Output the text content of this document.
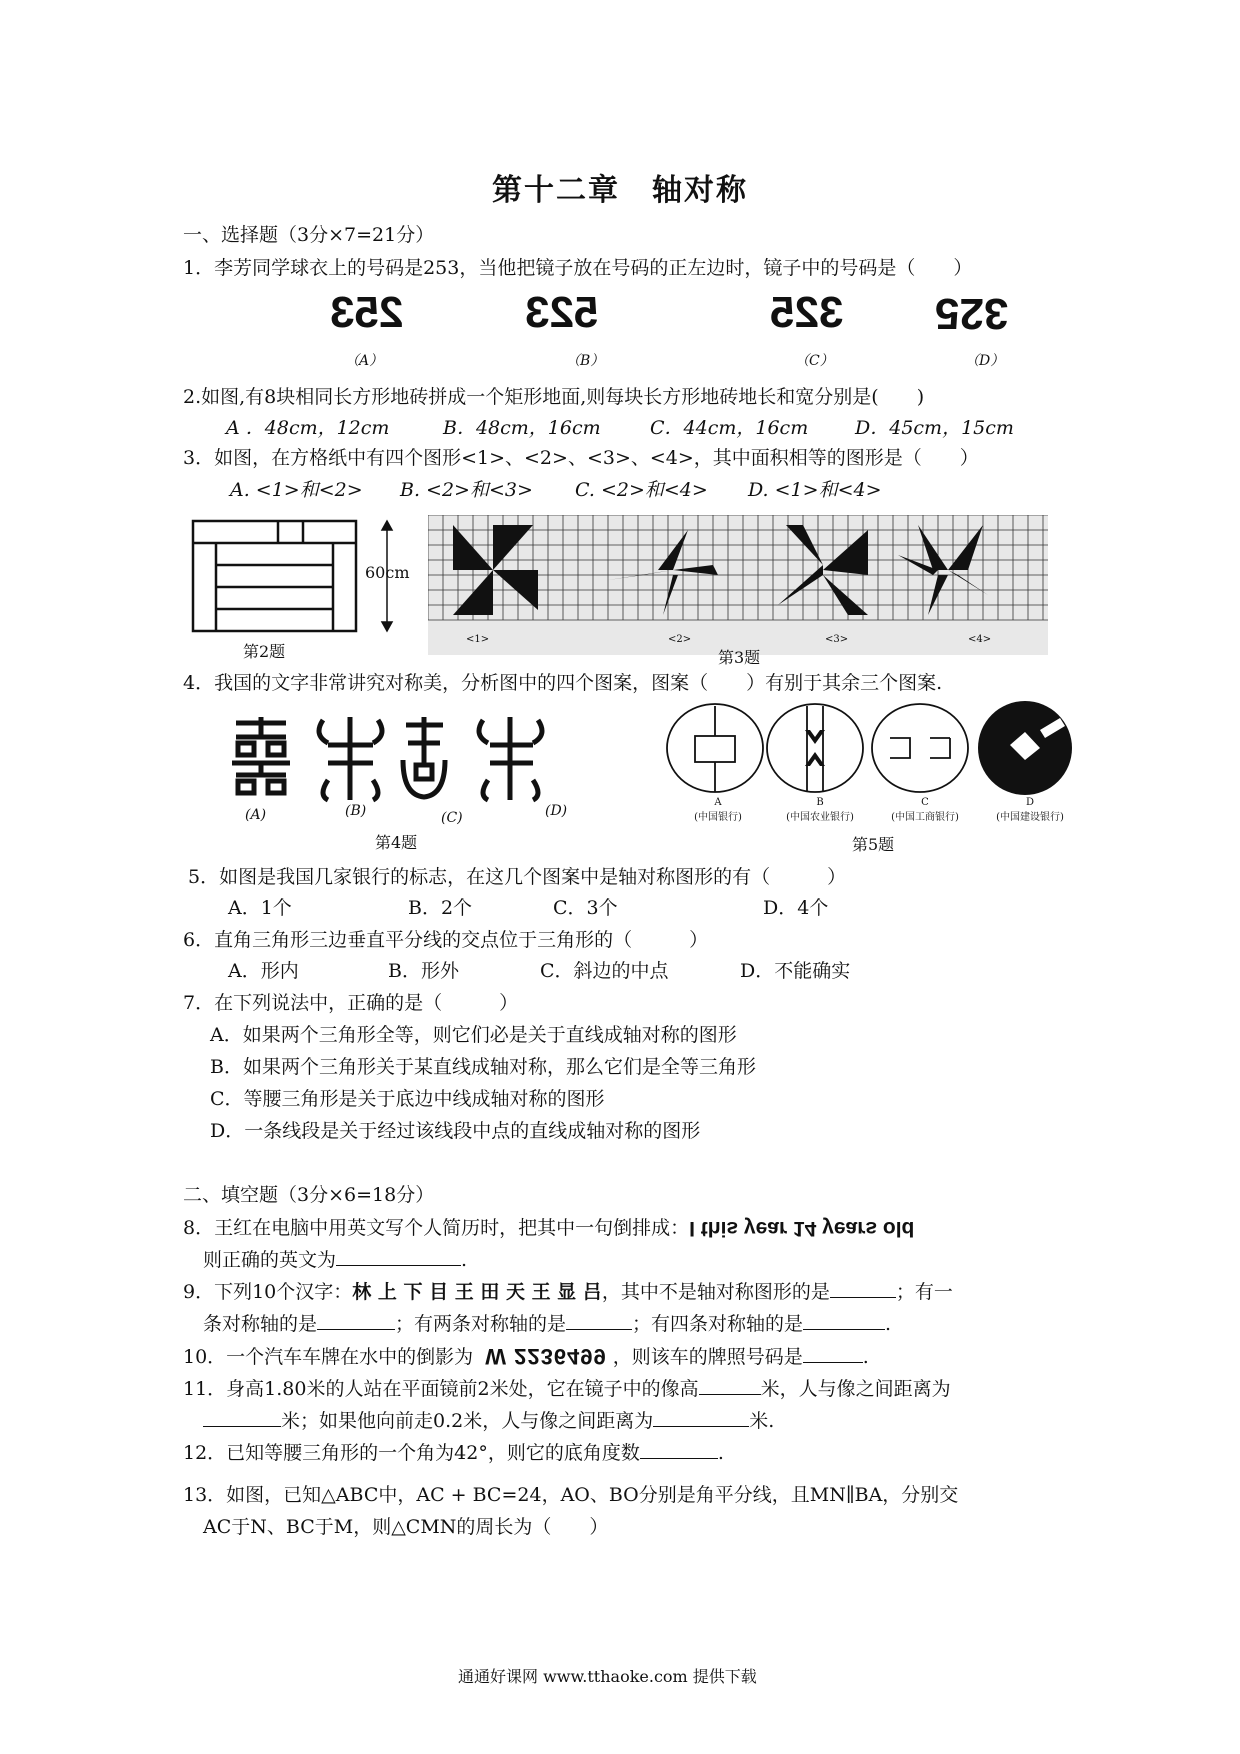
第十二章　轴对称
一、选择题（3分×7=21分）
1．李芳同学球衣上的号码是253，当他把镜子放在号码的正左边时，镜子中的号码是（　　）
253	523	325 325
（A）	（B）	（C）	（D）
2.如图,有8块相同长方形地砖拼成一个矩形地面,则每块长方形地砖地长和宽分别是(　　)
A ．48cm，12cm	B．48cm，16cm	C．44cm，16cm D．45cm，15cm
3．如图，在方格纸中有四个图形<1>、<2>、<3>、<4>，其中面积相等的图形是（　　）
A. <1>和<2> B. <2>和<3> C. <2>和<4> D. <1>和<4>
60cm
第2题
<1>	<2>	<3>	<4>
第3题
4．我国的文字非常讲究对称美，分析图中的四个图案，图案（　　）有别于其余三个图案.
(A)	(B)	(C)	(D)
第4题
A
(中国银行)
B
(中国农业银行)
C
(中国工商银行)
D
(中国建设银行)
第5题
5．如图是我国几家银行的标志，在这几个图案中是轴对称图形的有（　　　）
A．1个	B．2个	C．3个	D．4个
6．直角三角形三边垂直平分线的交点位于三角形的（　　　）
A．形内	B．形外	C．斜边的中点	D．不能确实
7．在下列说法中，正确的是（　　　）
A．如果两个三角形全等，则它们必是关于直线成轴对称的图形
B．如果两个三角形关于某直线成轴对称，那么它们是全等三角形
C．等腰三角形是关于底边中线成轴对称的图形
D．一条线段是关于经过该线段中点的直线成轴对称的图形
二、填空题（3分×6=18分）
8．王红在电脑中用英文写个人简历时，把其中一句倒排成：I this year 14 years old
则正确的英文为	.
9．下列10个汉字：林 上 下 目 王 田 天 王 显 吕，其中不是轴对称图形的是	；有一
条对称轴的是	；有两条对称轴的是	；有四条对称轴的是	.
10．一个汽车车牌在水中的倒影为 W 2236499 ，则该车的牌照号码是	.
11．身高1.80米的人站在平面镜前2米处，它在镜子中的像高	米，人与像之间距离为
米；如果他向前走0.2米，人与像之间距离为	米.
12．已知等腰三角形的一个角为42°，则它的底角度数	.
13．如图，已知△ABC中，AC + BC=24，AO、BO分别是角平分线，且MN∥BA，分别交
AC于N、BC于M，则△CMN的周长为（　　）
通通好课网 www.tthaoke.com 提供下载
